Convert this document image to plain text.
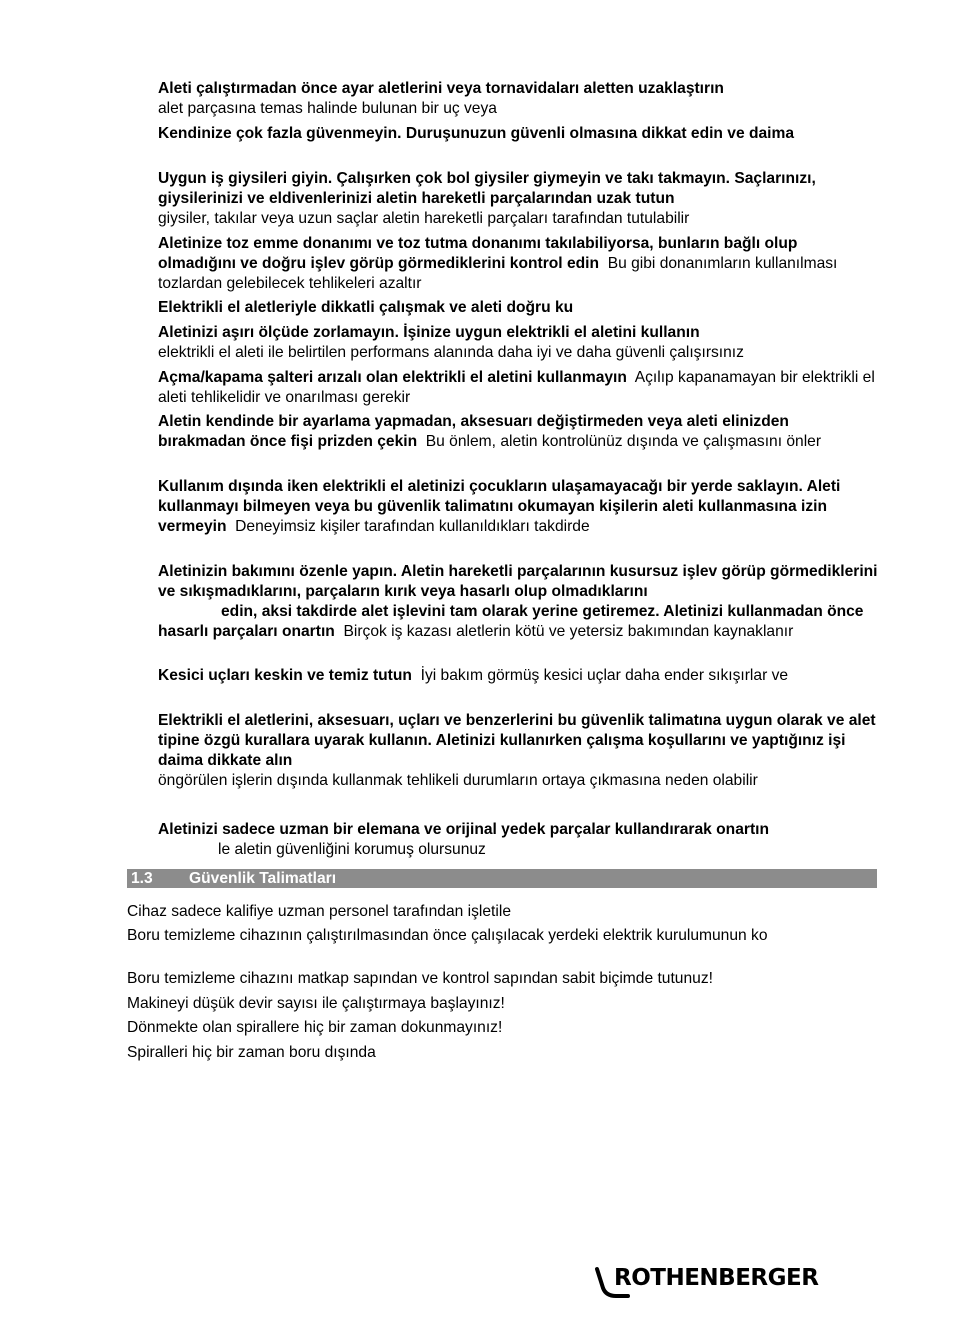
Aleti çalıştırmadan önce ayar aletlerini veya tornavidaları aletten uzaklaştırın
alet parçasına temas halinde bulunan bir uç veya

Kendinize çok fazla güvenmeyin. Duruşunuzun güvenli olmasına dikkat edin ve daima

Uygun iş giysileri giyin. Çalışırken çok bol giysiler giymeyin ve takı takmayın. Saçlarınızı, giysilerinizi ve eldivenlerinizi aletin hareketli parçalarından uzak tutun
giysiler, takılar veya uzun saçlar aletin hareketli parçaları tarafından tutulabilir

Aletinize toz emme donanımı ve toz tutma donanımı takılabiliyorsa, bunların bağlı olup olmadığını ve doğru işlev görüp görmediklerini kontrol edin Bu gibi donanımların kullanılması tozlardan gelebilecek tehlikeleri azaltır

Elektrikli el aletleriyle dikkatli çalışmak ve aleti doğru ku

Aletinizi aşırı ölçüde zorlamayın. İşinize uygun elektrikli el aletini kullanın
elektrikli el aleti ile belirtilen performans alanında daha iyi ve daha güvenli çalışırsınız

Açma/kapama şalteri arızalı olan elektrikli el aletini kullanmayın Açılıp kapanamayan bir elektrikli el aleti tehlikelidir ve onarılması gerekir

Aletin kendinde bir ayarlama yapmadan, aksesuarı değiştirmeden veya aleti elinizden bırakmadan önce fişi prizden çekin Bu önlem, aletin kontrolünüz dışında ve çalışmasını önler

Kullanım dışında iken elektrikli el aletinizi çocukların ulaşamayacağı bir yerde saklayın. Aleti kullanmayı bilmeyen veya bu güvenlik talimatını okumayan kişilerin aleti kullanmasına izin vermeyin Deneyimsiz kişiler tarafından kullanıldıkları takdirde

Aletinizin bakımını özenle yapın. Aletin hareketli parçalarının kusursuz işlev görüp görmediklerini ve sıkışmadıklarını, parçaların kırık veya hasarlı olup olmadıklarını
edin, aksi takdirde alet işlevini tam olarak yerine getiremez. Aletinizi kullanmadan önce hasarlı parçaları onartın Birçok iş kazası aletlerin kötü ve yetersiz bakımından kaynaklanır

Kesici uçları keskin ve temiz tutun İyi bakım görmüş kesici uçlar daha ender sıkışırlar ve

Elektrikli el aletlerini, aksesuarı, uçları ve benzerlerini bu güvenlik talimatına uygun olarak ve alet tipine özgü kurallara uyarak kullanın. Aletinizi kullanırken çalışma koşullarını ve yaptığınız işi daima dikkate alın
öngörülen işlerin dışında kullanmak tehlikeli durumların ortaya çıkmasına neden olabilir

Aletinizi sadece uzman bir elemana ve orijinal yedek parçalar kullandırarak onartın
le aletin güvenliğini korumuş olursunuz

1.3 Güvenlik Talimatları
Cihaz sadece kalifiye uzman personel tarafından işletile
Boru temizleme cihazının çalıştırılmasından önce çalışılacak yerdeki elektrik kurulumunun ko
Boru temizleme cihazını matkap sapından ve kontrol sapından sabit biçimde tutunuz!
Makineyi düşük devir sayısı ile çalıştırmaya başlayınız!
Dönmekte olan spirallere hiç bir zaman dokunmayınız!
Spiralleri hiç bir zaman boru dışında
ROTHENBERGER
